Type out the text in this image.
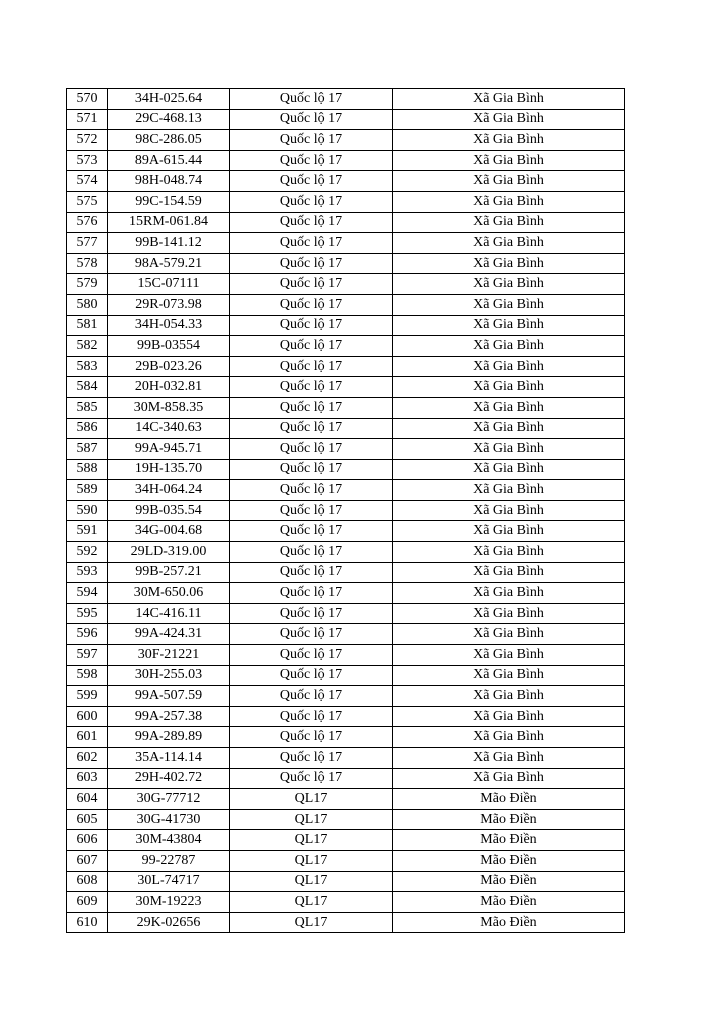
570	34H-025.64	Quốc lộ 17	Xã Gia Bình
571	29C-468.13	Quốc lộ 17	Xã Gia Bình
572	98C-286.05	Quốc lộ 17	Xã Gia Bình
573	89A-615.44	Quốc lộ 17	Xã Gia Bình
574	98H-048.74	Quốc lộ 17	Xã Gia Bình
575	99C-154.59	Quốc lộ 17	Xã Gia Bình
576	15RM-061.84	Quốc lộ 17	Xã Gia Bình
577	99B-141.12	Quốc lộ 17	Xã Gia Bình
578	98A-579.21	Quốc lộ 17	Xã Gia Bình
579	15C-07111	Quốc lộ 17	Xã Gia Bình
580	29R-073.98	Quốc lộ 17	Xã Gia Bình
581	34H-054.33	Quốc lộ 17	Xã Gia Bình
582	99B-03554	Quốc lộ 17	Xã Gia Bình
583	29B-023.26	Quốc lộ 17	Xã Gia Bình
584	20H-032.81	Quốc lộ 17	Xã Gia Bình
585	30M-858.35	Quốc lộ 17	Xã Gia Bình
586	14C-340.63	Quốc lộ 17	Xã Gia Bình
587	99A-945.71	Quốc lộ 17	Xã Gia Bình
588	19H-135.70	Quốc lộ 17	Xã Gia Bình
589	34H-064.24	Quốc lộ 17	Xã Gia Bình
590	99B-035.54	Quốc lộ 17	Xã Gia Bình
591	34G-004.68	Quốc lộ 17	Xã Gia Bình
592	29LD-319.00	Quốc lộ 17	Xã Gia Bình
593	99B-257.21	Quốc lộ 17	Xã Gia Bình
594	30M-650.06	Quốc lộ 17	Xã Gia Bình
595	14C-416.11	Quốc lộ 17	Xã Gia Bình
596	99A-424.31	Quốc lộ 17	Xã Gia Bình
597	30F-21221	Quốc lộ 17	Xã Gia Bình
598	30H-255.03	Quốc lộ 17	Xã Gia Bình
599	99A-507.59	Quốc lộ 17	Xã Gia Bình
600	99A-257.38	Quốc lộ 17	Xã Gia Bình
601	99A-289.89	Quốc lộ 17	Xã Gia Bình
602	35A-114.14	Quốc lộ 17	Xã Gia Bình
603	29H-402.72	Quốc lộ 17	Xã Gia Bình
604	30G-77712	QL17	Mão Điền
605	30G-41730	QL17	Mão Điền
606	30M-43804	QL17	Mão Điền
607	99-22787	QL17	Mão Điền
608	30L-74717	QL17	Mão Điền
609	30M-19223	QL17	Mão Điền
610	29K-02656	QL17	Mão Điền
